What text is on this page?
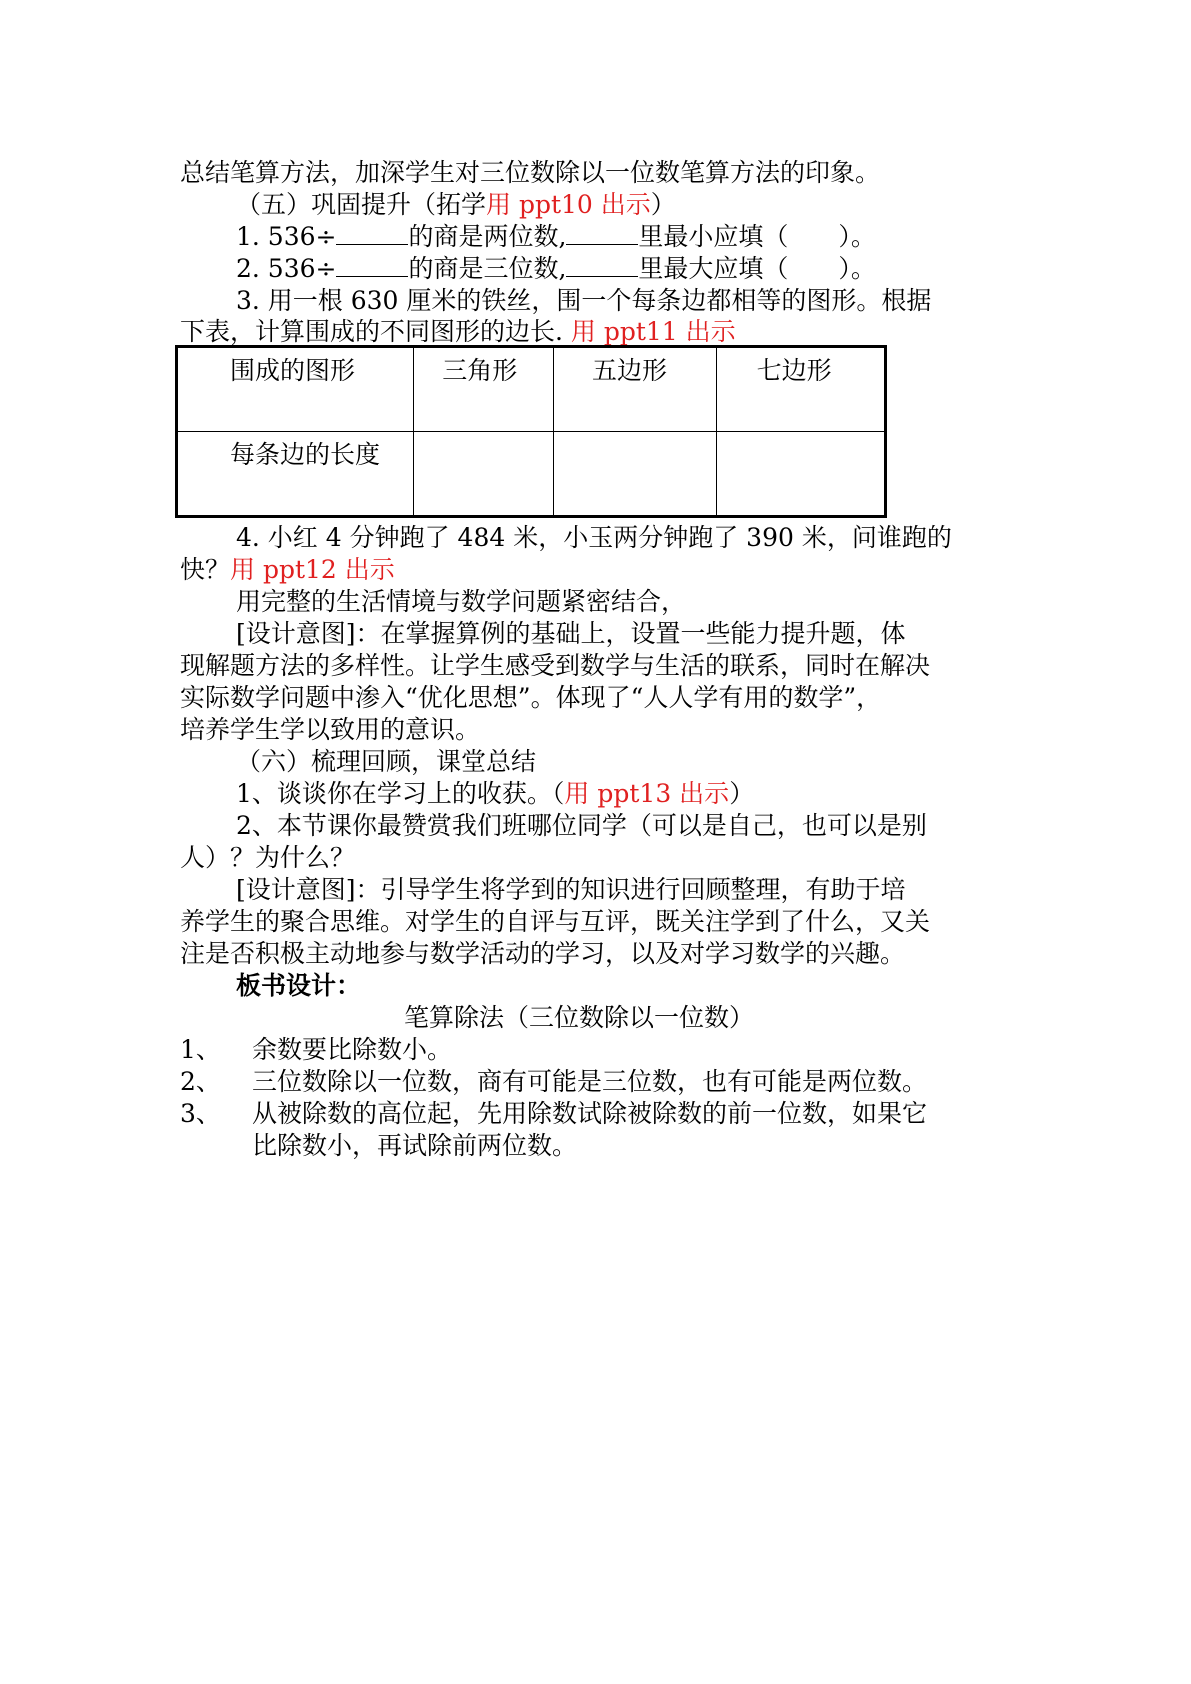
总结笔算方法，加深学生对三位数除以一位数笔算方法的印象。
（五）巩固提升（拓学用 ppt10 出示）
1. 536÷	的商是两位数,	里最小应填（　　）。
2. 536÷	的商是三位数,	里最大应填（　　）。
3. 用一根 630 厘米的铁丝，围一个每条边都相等的图形。根据
下表，计算围成的不同图形的边长. 用 ppt11 出示
围成的图形	三角形	五边形	七边形
每条边的长度			
4. 小红 4 分钟跑了 484 米，小玉两分钟跑了 390 米，问谁跑的
快？用 ppt12 出示
用完整的生活情境与数学问题紧密结合，
[设计意图]：在掌握算例的基础上，设置一些能力提升题，体
现解题方法的多样性。让学生感受到数学与生活的联系，同时在解决
实际数学问题中渗入“优化思想”。体现了“人人学有用的数学”，
培养学生学以致用的意识。
（六）梳理回顾，课堂总结
1、谈谈你在学习上的收获。（用 ppt13 出示）
2、本节课你最赞赏我们班哪位同学（可以是自己，也可以是别
人）？为什么？
[设计意图]：引导学生将学到的知识进行回顾整理，有助于培
养学生的聚合思维。对学生的自评与互评，既关注学到了什么，又关
注是否积极主动地参与数学活动的学习，以及对学习数学的兴趣。
板书设计：
笔算除法（三位数除以一位数）
1、 余数要比除数小。
2、 三位数除以一位数，商有可能是三位数，也有可能是两位数。
3、 从被除数的高位起，先用除数试除被除数的前一位数，如果它
比除数小，再试除前两位数。
